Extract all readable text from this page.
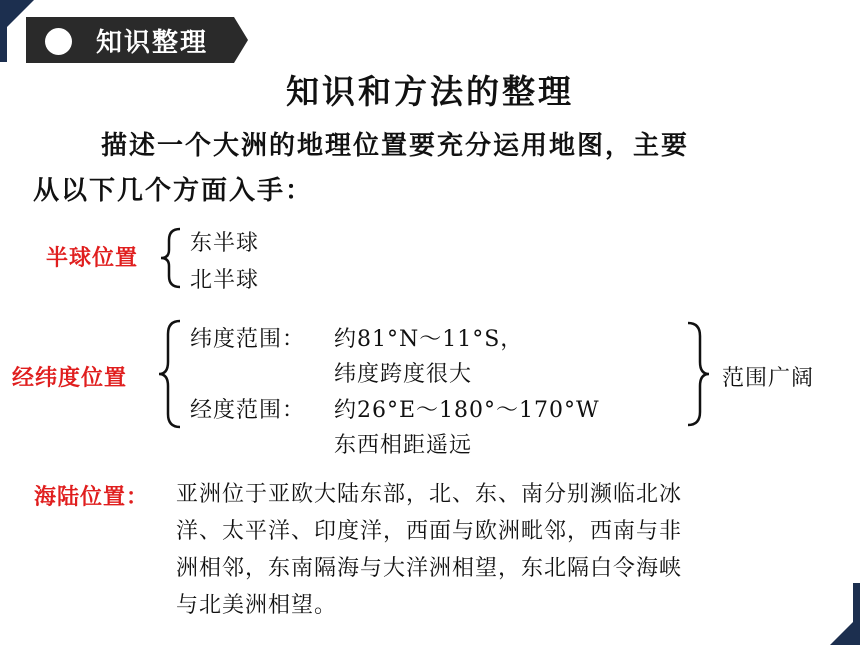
知识整理
知识和方法的整理
描述一个大洲的地理位置要充分运用地图，主要
从以下几个方面入手：
半球位置
东半球
北半球
经纬度位置
纬度范围： 约81°N～11°S，
纬度跨度很大
经度范围： 约26°E～180°～170°W
东西相距遥远
范围广阔
海陆位置： 亚洲位于亚欧大陆东部，北、东、南分别濒临北冰
洋、太平洋、印度洋，西面与欧洲毗邻，西南与非
洲相邻，东南隔海与大洋洲相望，东北隔白令海峡
与北美洲相望。
